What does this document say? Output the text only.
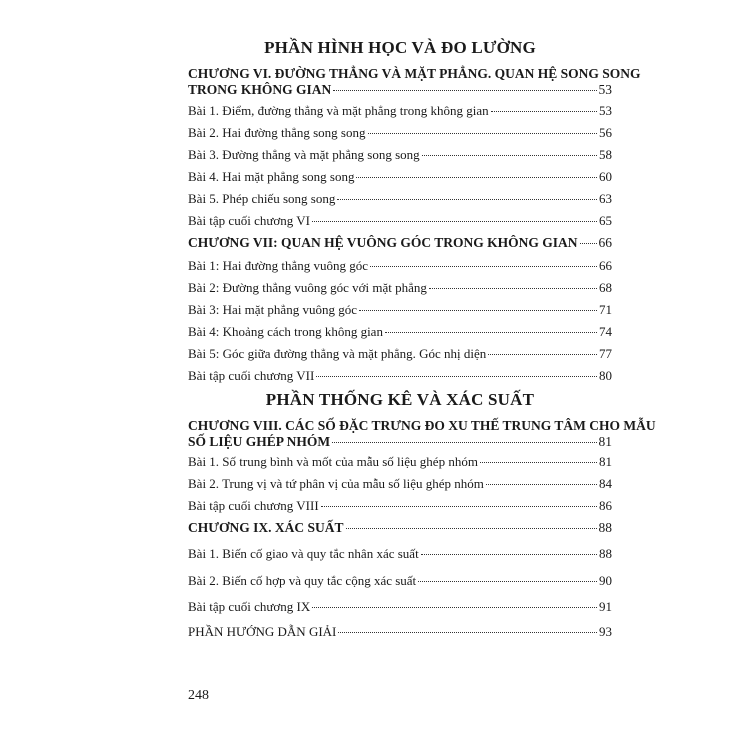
PHẦN HÌNH HỌC VÀ ĐO LƯỜNG
CHƯƠNG VI. ĐƯỜNG THẲNG VÀ MẶT PHẲNG. QUAN HỆ SONG SONG
TRONG KHÔNG GIAN	53
Bài 1. Điểm, đường thẳng và mặt phẳng trong không gian	53
Bài 2. Hai đường thẳng song song	56
Bài 3. Đường thẳng và mặt phẳng song song	58
Bài 4. Hai mặt phẳng song song	60
Bài 5. Phép chiếu song song	63
Bài tập cuối chương VI	65
CHƯƠNG VII: QUAN HỆ VUÔNG GÓC TRONG KHÔNG GIAN 66
Bài 1: Hai đường thẳng vuông góc	66
Bài 2: Đường thẳng vuông góc với mặt phẳng	68
Bài 3: Hai mặt phẳng vuông góc	71
Bài 4: Khoảng cách trong không gian	74
Bài 5: Góc giữa đường thẳng và mặt phẳng. Góc nhị diện	77
Bài tập cuối chương VII	80
PHẦN THỐNG KÊ VÀ XÁC SUẤT
CHƯƠNG VIII. CÁC SỐ ĐẶC TRƯNG ĐO XU THẾ TRUNG TÂM CHO MẪU
SỐ LIỆU GHÉP NHÓM	81
Bài 1. Số trung bình và mốt của mẫu số liệu ghép nhóm	81
Bài 2. Trung vị và tứ phân vị của mẫu số liệu ghép nhóm	84
Bài tập cuối chương VIII	86
CHƯƠNG IX. XÁC SUẤT	88
Bài 1. Biến cố giao và quy tắc nhân xác suất	88
Bài 2. Biến cố hợp và quy tắc cộng xác suất	90
Bài tập cuối chương IX	91
PHẦN HƯỚNG DẪN GIẢI	93
248
